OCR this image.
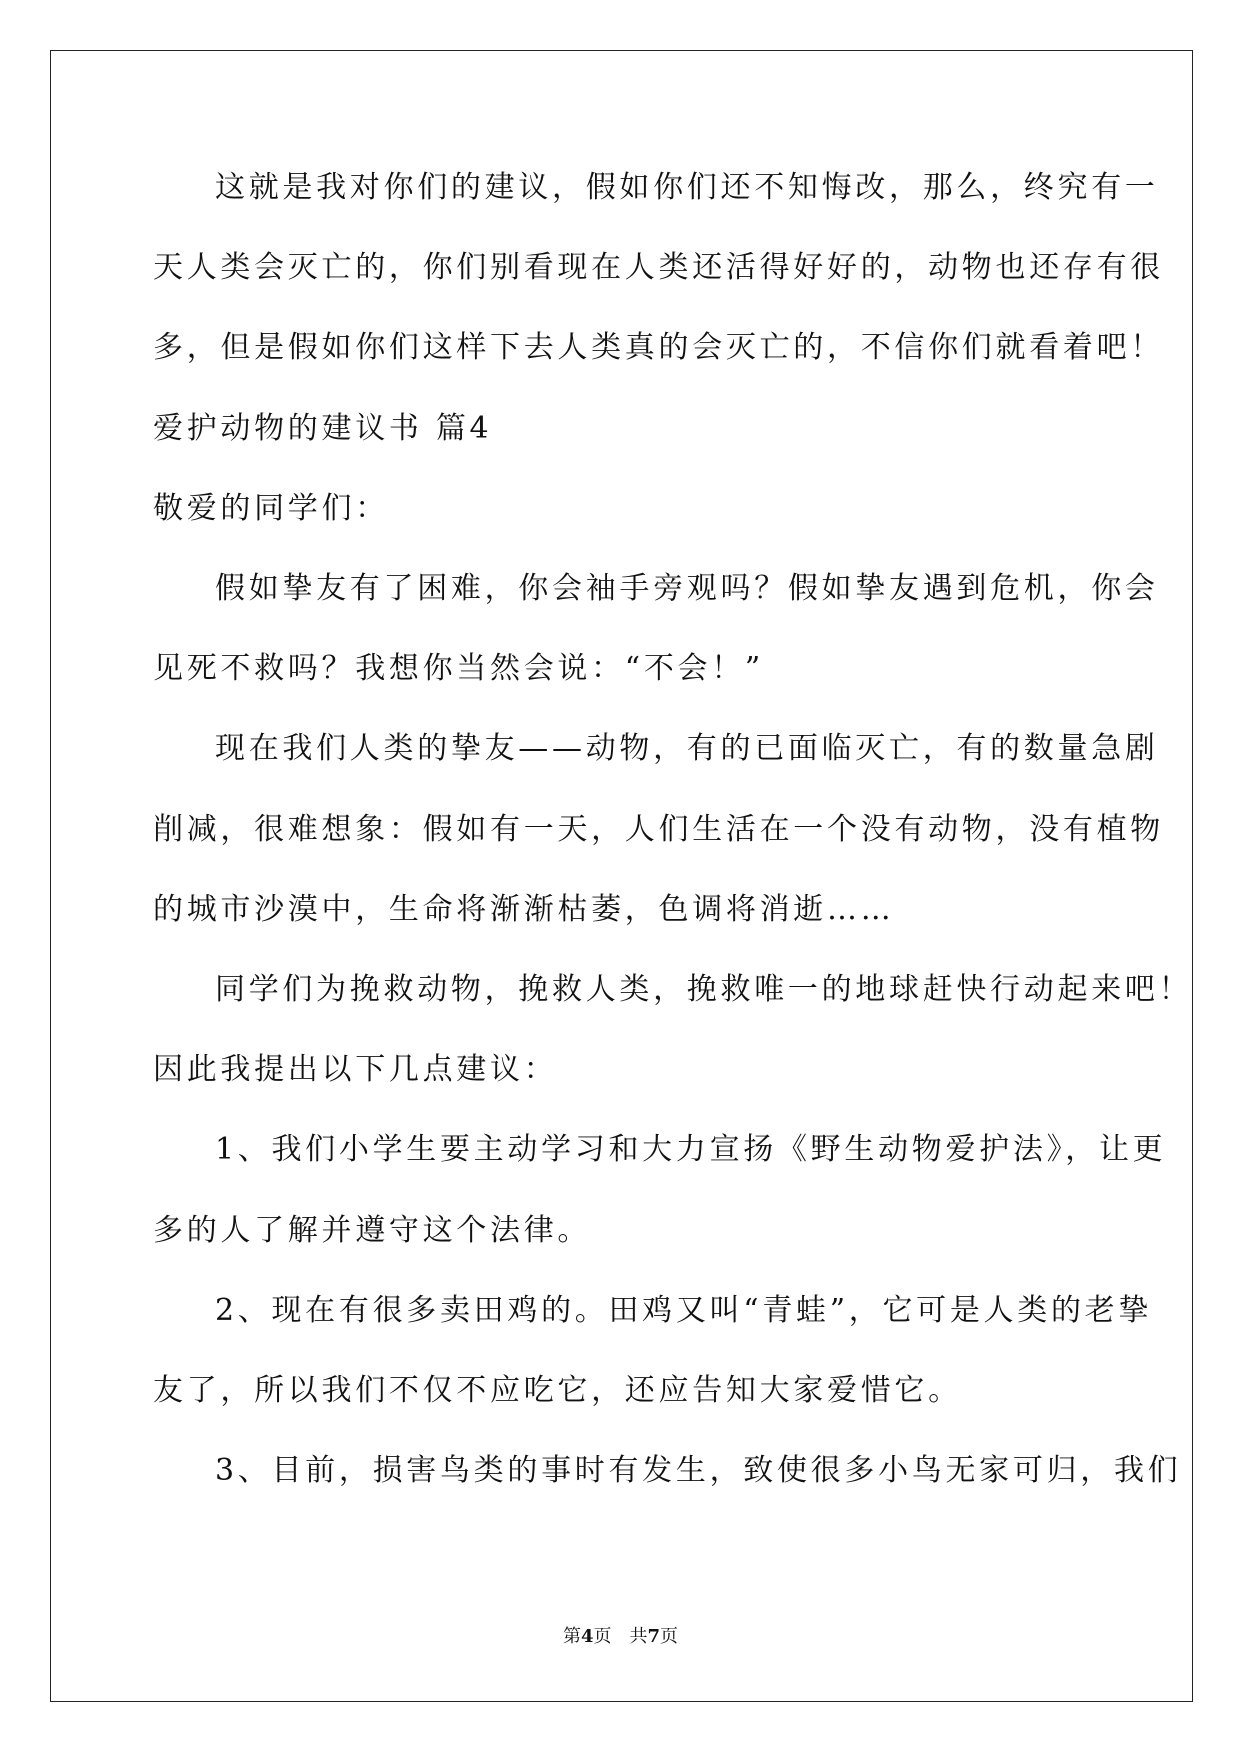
这就是我对你们的建议，假如你们还不知悔改，那么，终究有一
天人类会灭亡的，你们别看现在人类还活得好好的，动物也还存有很
多，但是假如你们这样下去人类真的会灭亡的，不信你们就看着吧！
爱护动物的建议书 篇4
敬爱的同学们：
假如挚友有了困难，你会袖手旁观吗？假如挚友遇到危机，你会
见死不救吗？我想你当然会说：“不会！”
现在我们人类的挚友——动物，有的已面临灭亡，有的数量急剧
削减，很难想象：假如有一天，人们生活在一个没有动物，没有植物
的城市沙漠中，生命将渐渐枯萎，色调将消逝……
同学们为挽救动物，挽救人类，挽救唯一的地球赶快行动起来吧！
因此我提出以下几点建议：
1、我们小学生要主动学习和大力宣扬《野生动物爱护法》，让更
多的人了解并遵守这个法律。
2、现在有很多卖田鸡的。田鸡又叫“青蛙”，它可是人类的老挚
友了，所以我们不仅不应吃它，还应告知大家爱惜它。
3、目前，损害鸟类的事时有发生，致使很多小鸟无家可归，我们
第4页　共7页
